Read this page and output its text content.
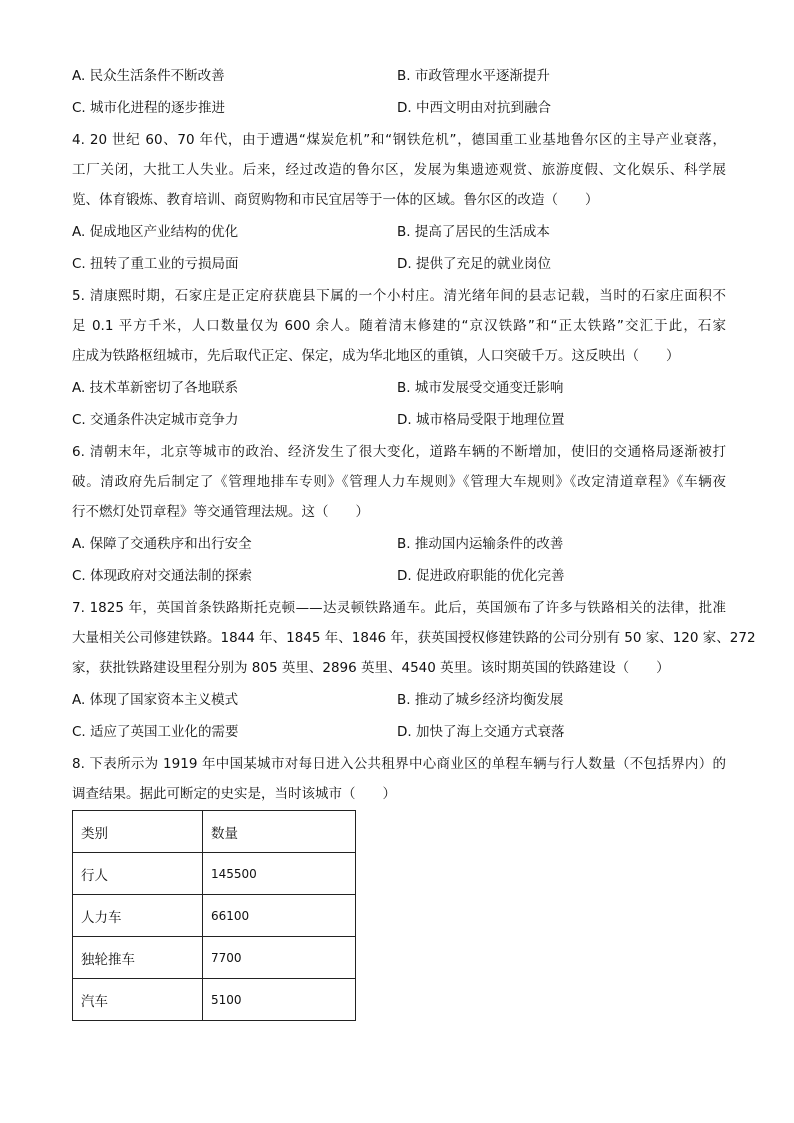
A. 民众生活条件不断改善	B. 市政管理水平逐渐提升
C. 城市化进程的逐步推进	D. 中西文明由对抗到融合
4. 20 世纪 60、70 年代，由于遭遇“煤炭危机”和“钢铁危机”，德国重工业基地鲁尔区的主导产业衰落，
工厂关闭，大批工人失业。后来，经过改造的鲁尔区，发展为集遗迹观赏、旅游度假、文化娱乐、科学展
览、体育锻炼、教育培训、商贸购物和市民宜居等于一体的区域。鲁尔区的改造（　　）
A. 促成地区产业结构的优化	B. 提高了居民的生活成本
C. 扭转了重工业的亏损局面	D. 提供了充足的就业岗位
5. 清康熙时期，石家庄是正定府获鹿县下属的一个小村庄。清光绪年间的县志记载，当时的石家庄面积不
足 0.1 平方千米，人口数量仅为 600 余人。随着清末修建的“京汉铁路”和“正太铁路”交汇于此，石家
庄成为铁路枢纽城市，先后取代正定、保定，成为华北地区的重镇，人口突破千万。这反映出（　　）
A. 技术革新密切了各地联系	B. 城市发展受交通变迁影响
C. 交通条件决定城市竞争力	D. 城市格局受限于地理位置
6. 清朝末年，北京等城市的政治、经济发生了很大变化，道路车辆的不断增加，使旧的交通格局逐渐被打
破。清政府先后制定了《管理地排车专则》《管理人力车规则》《管理大车规则》《改定清道章程》《车辆夜
行不燃灯处罚章程》等交通管理法规。这（　　）
A. 保障了交通秩序和出行安全	B. 推动国内运输条件的改善
C. 体现政府对交通法制的探索	D. 促进政府职能的优化完善
7. 1825 年，英国首条铁路斯托克顿——达灵顿铁路通车。此后，英国颁布了许多与铁路相关的法律，批准
大量相关公司修建铁路。1844 年、1845 年、1846 年，获英国授权修建铁路的公司分别有 50 家、120 家、272
家，获批铁路建设里程分别为 805 英里、2896 英里、4540 英里。该时期英国的铁路建设（　　）
A. 体现了国家资本主义模式	B. 推动了城乡经济均衡发展
C. 适应了英国工业化的需要	D. 加快了海上交通方式衰落
8. 下表所示为 1919 年中国某城市对每日进入公共租界中心商业区的单程车辆与行人数量（不包括界内）的
调查结果。据此可断定的史实是，当时该城市（　　）
类别	数量
行人	145500
人力车	66100
独轮推车	7700
汽车	5100
